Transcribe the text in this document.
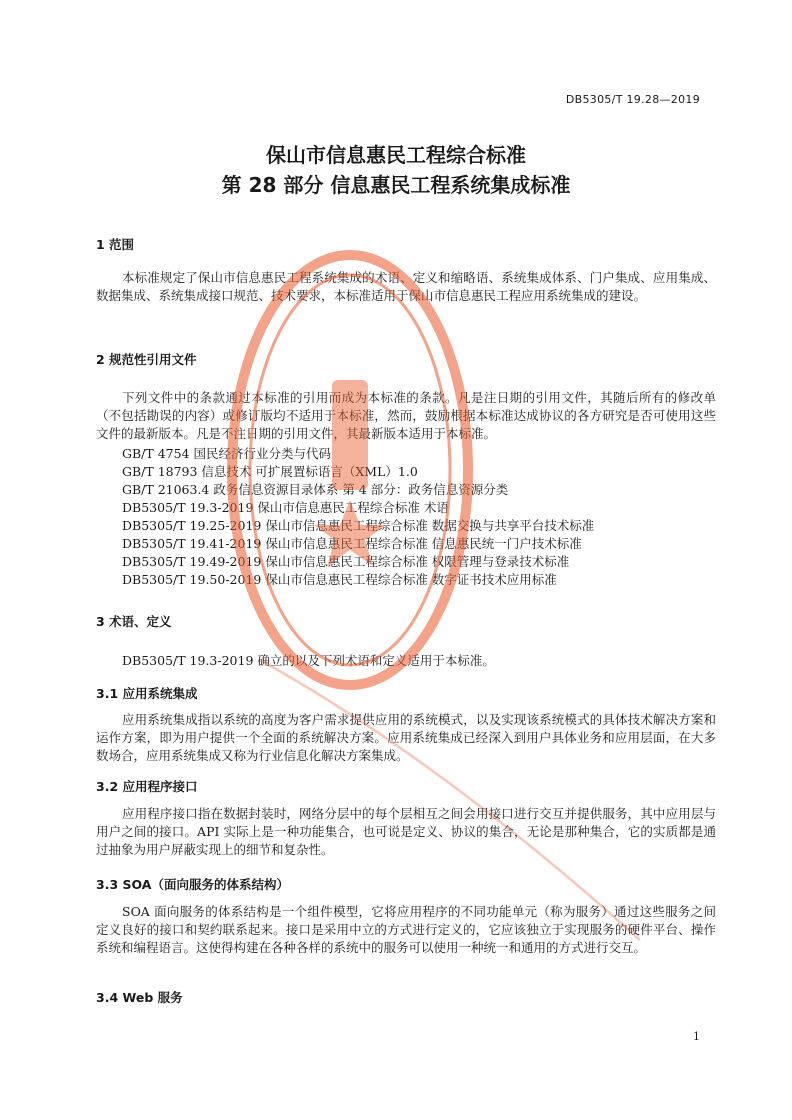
DB5305/T 19.28—2019
保山市信息惠民工程综合标准
第 28 部分 信息惠民工程系统集成标准
1 范围
本标准规定了保山市信息惠民工程系统集成的术语、定义和缩略语、系统集成体系、门户集成、应用集成、数据集成、系统集成接口规范、技术要求，本标准适用于保山市信息惠民工程应用系统集成的建设。
2 规范性引用文件
下列文件中的条款通过本标准的引用而成为本标准的条款。凡是注日期的引用文件，其随后所有的修改单（不包括勘误的内容）或修订版均不适用于本标准，然而，鼓励根据本标准达成协议的各方研究是否可使用这些文件的最新版本。凡是不注日期的引用文件，其最新版本适用于本标准。
GB/T 4754 国民经济行业分类与代码
GB/T 18793 信息技术 可扩展置标语言（XML）1.0
GB/T 21063.4 政务信息资源目录体系 第 4 部分：政务信息资源分类
DB5305/T 19.3-2019 保山市信息惠民工程综合标准 术语
DB5305/T 19.25-2019 保山市信息惠民工程综合标准 数据交换与共享平台技术标准
DB5305/T 19.41-2019 保山市信息惠民工程综合标准 信息惠民统一门户技术标准
DB5305/T 19.49-2019 保山市信息惠民工程综合标准 权限管理与登录技术标准
DB5305/T 19.50-2019 保山市信息惠民工程综合标准 数字证书技术应用标准
3 术语、定义
DB5305/T 19.3-2019 确立的以及下列术语和定义适用于本标准。
3.1 应用系统集成
应用系统集成指以系统的高度为客户需求提供应用的系统模式，以及实现该系统模式的具体技术解决方案和运作方案，即为用户提供一个全面的系统解决方案。应用系统集成已经深入到用户具体业务和应用层面，在大多数场合，应用系统集成又称为行业信息化解决方案集成。
3.2 应用程序接口
应用程序接口指在数据封装时，网络分层中的每个层相互之间会用接口进行交互并提供服务，其中应用层与用户之间的接口。API 实际上是一种功能集合，也可说是定义、协议的集合，无论是那种集合，它的实质都是通过抽象为用户屏蔽实现上的细节和复杂性。
3.3 SOA（面向服务的体系结构）
SOA 面向服务的体系结构是一个组件模型，它将应用程序的不同功能单元（称为服务）通过这些服务之间定义良好的接口和契约联系起来。接口是采用中立的方式进行定义的，它应该独立于实现服务的硬件平台、操作系统和编程语言。这使得构建在各种各样的系统中的服务可以使用一种统一和通用的方式进行交互。
3.4 Web 服务
1
